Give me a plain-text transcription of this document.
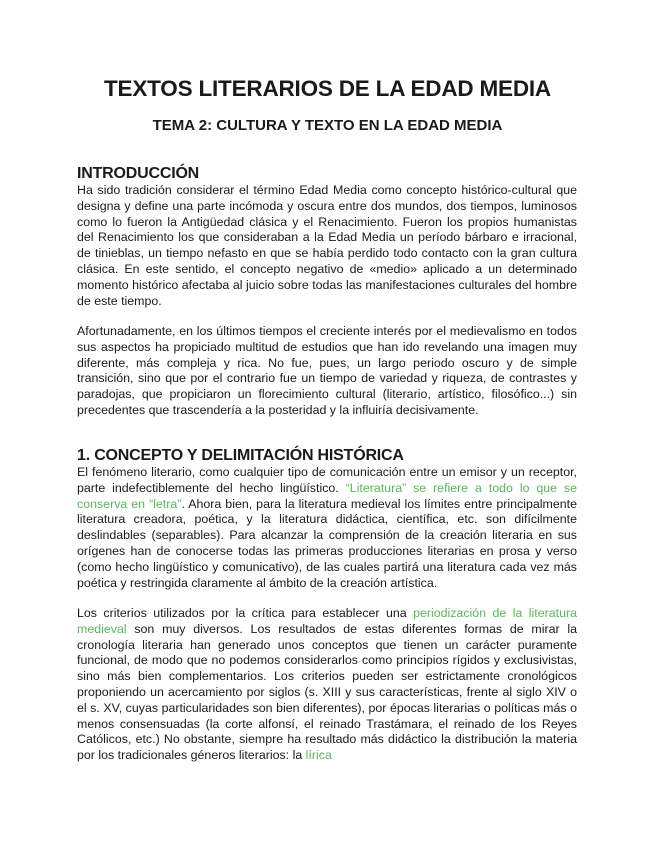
TEXTOS LITERARIOS DE LA EDAD MEDIA
TEMA 2: CULTURA Y TEXTO EN LA EDAD MEDIA
INTRODUCCIÓN

Ha sido tradición considerar el término Edad Media como concepto histórico-cultural que designa y define una parte incómoda y oscura entre dos mundos, dos tiempos, luminosos como lo fueron la Antigüedad clásica y el Renacimiento. Fueron los propios humanistas del Renacimiento los que consideraban a la Edad Media un período bárbaro e irracional, de tinieblas, un tiempo nefasto en que se había perdido todo contacto con la gran cultura clásica. En este sentido, el concepto negativo de «medio» aplicado a un determinado momento histórico afectaba al juicio sobre todas las manifestaciones culturales del hombre de este tiempo.

Afortunadamente, en los últimos tiempos el creciente interés por el medievalismo en todos sus aspectos ha propiciado multitud de estudios que han ido revelando una imagen muy diferente, más compleja y rica. No fue, pues, un largo periodo oscuro y de simple transición, sino que por el contrario fue un tiempo de variedad y riqueza, de contrastes y paradojas, que propiciaron un florecimiento cultural (literario, artístico, filosófico...) sin precedentes que trascendería a la posteridad y la influiría decisivamente.

1. CONCEPTO Y DELIMITACIÓN HISTÓRICA

El fenómeno literario, como cualquier tipo de comunicación entre un emisor y un receptor, parte indefectiblemente del hecho lingüístico. “Literatura” se refiere a todo lo que se conserva en “letra”. Ahora bien, para la literatura medieval los límites entre principalmente literatura creadora, poética, y la literatura didáctica, científica, etc. son difícilmente deslindables (separables). Para alcanzar la comprensión de la creación literaria en sus orígenes han de conocerse todas las primeras producciones literarias en prosa y verso (como hecho lingüístico y comunicativo), de las cuales partirá una literatura cada vez más poética y restringida claramente al ámbito de la creación artística.

Los criterios utilizados por la crítica para establecer una periodización de la literatura medieval son muy diversos. Los resultados de estas diferentes formas de mirar la cronología literaria han generado unos conceptos que tienen un carácter puramente funcional, de modo que no podemos considerarlos como principios rígidos y exclusivistas, sino más bien complementarios. Los criterios pueden ser estrictamente cronológicos proponiendo un acercamiento por siglos (s. XIII y sus características, frente al siglo XIV o el s. XV, cuyas particularidades son bien diferentes), por épocas literarias o políticas más o menos consensuadas (la corte alfonsí, el reinado Trastámara, el reinado de los Reyes Católicos, etc.) No obstante, siempre ha resultado más didáctico la distribución la materia por los tradicionales géneros literarios: la lírica
